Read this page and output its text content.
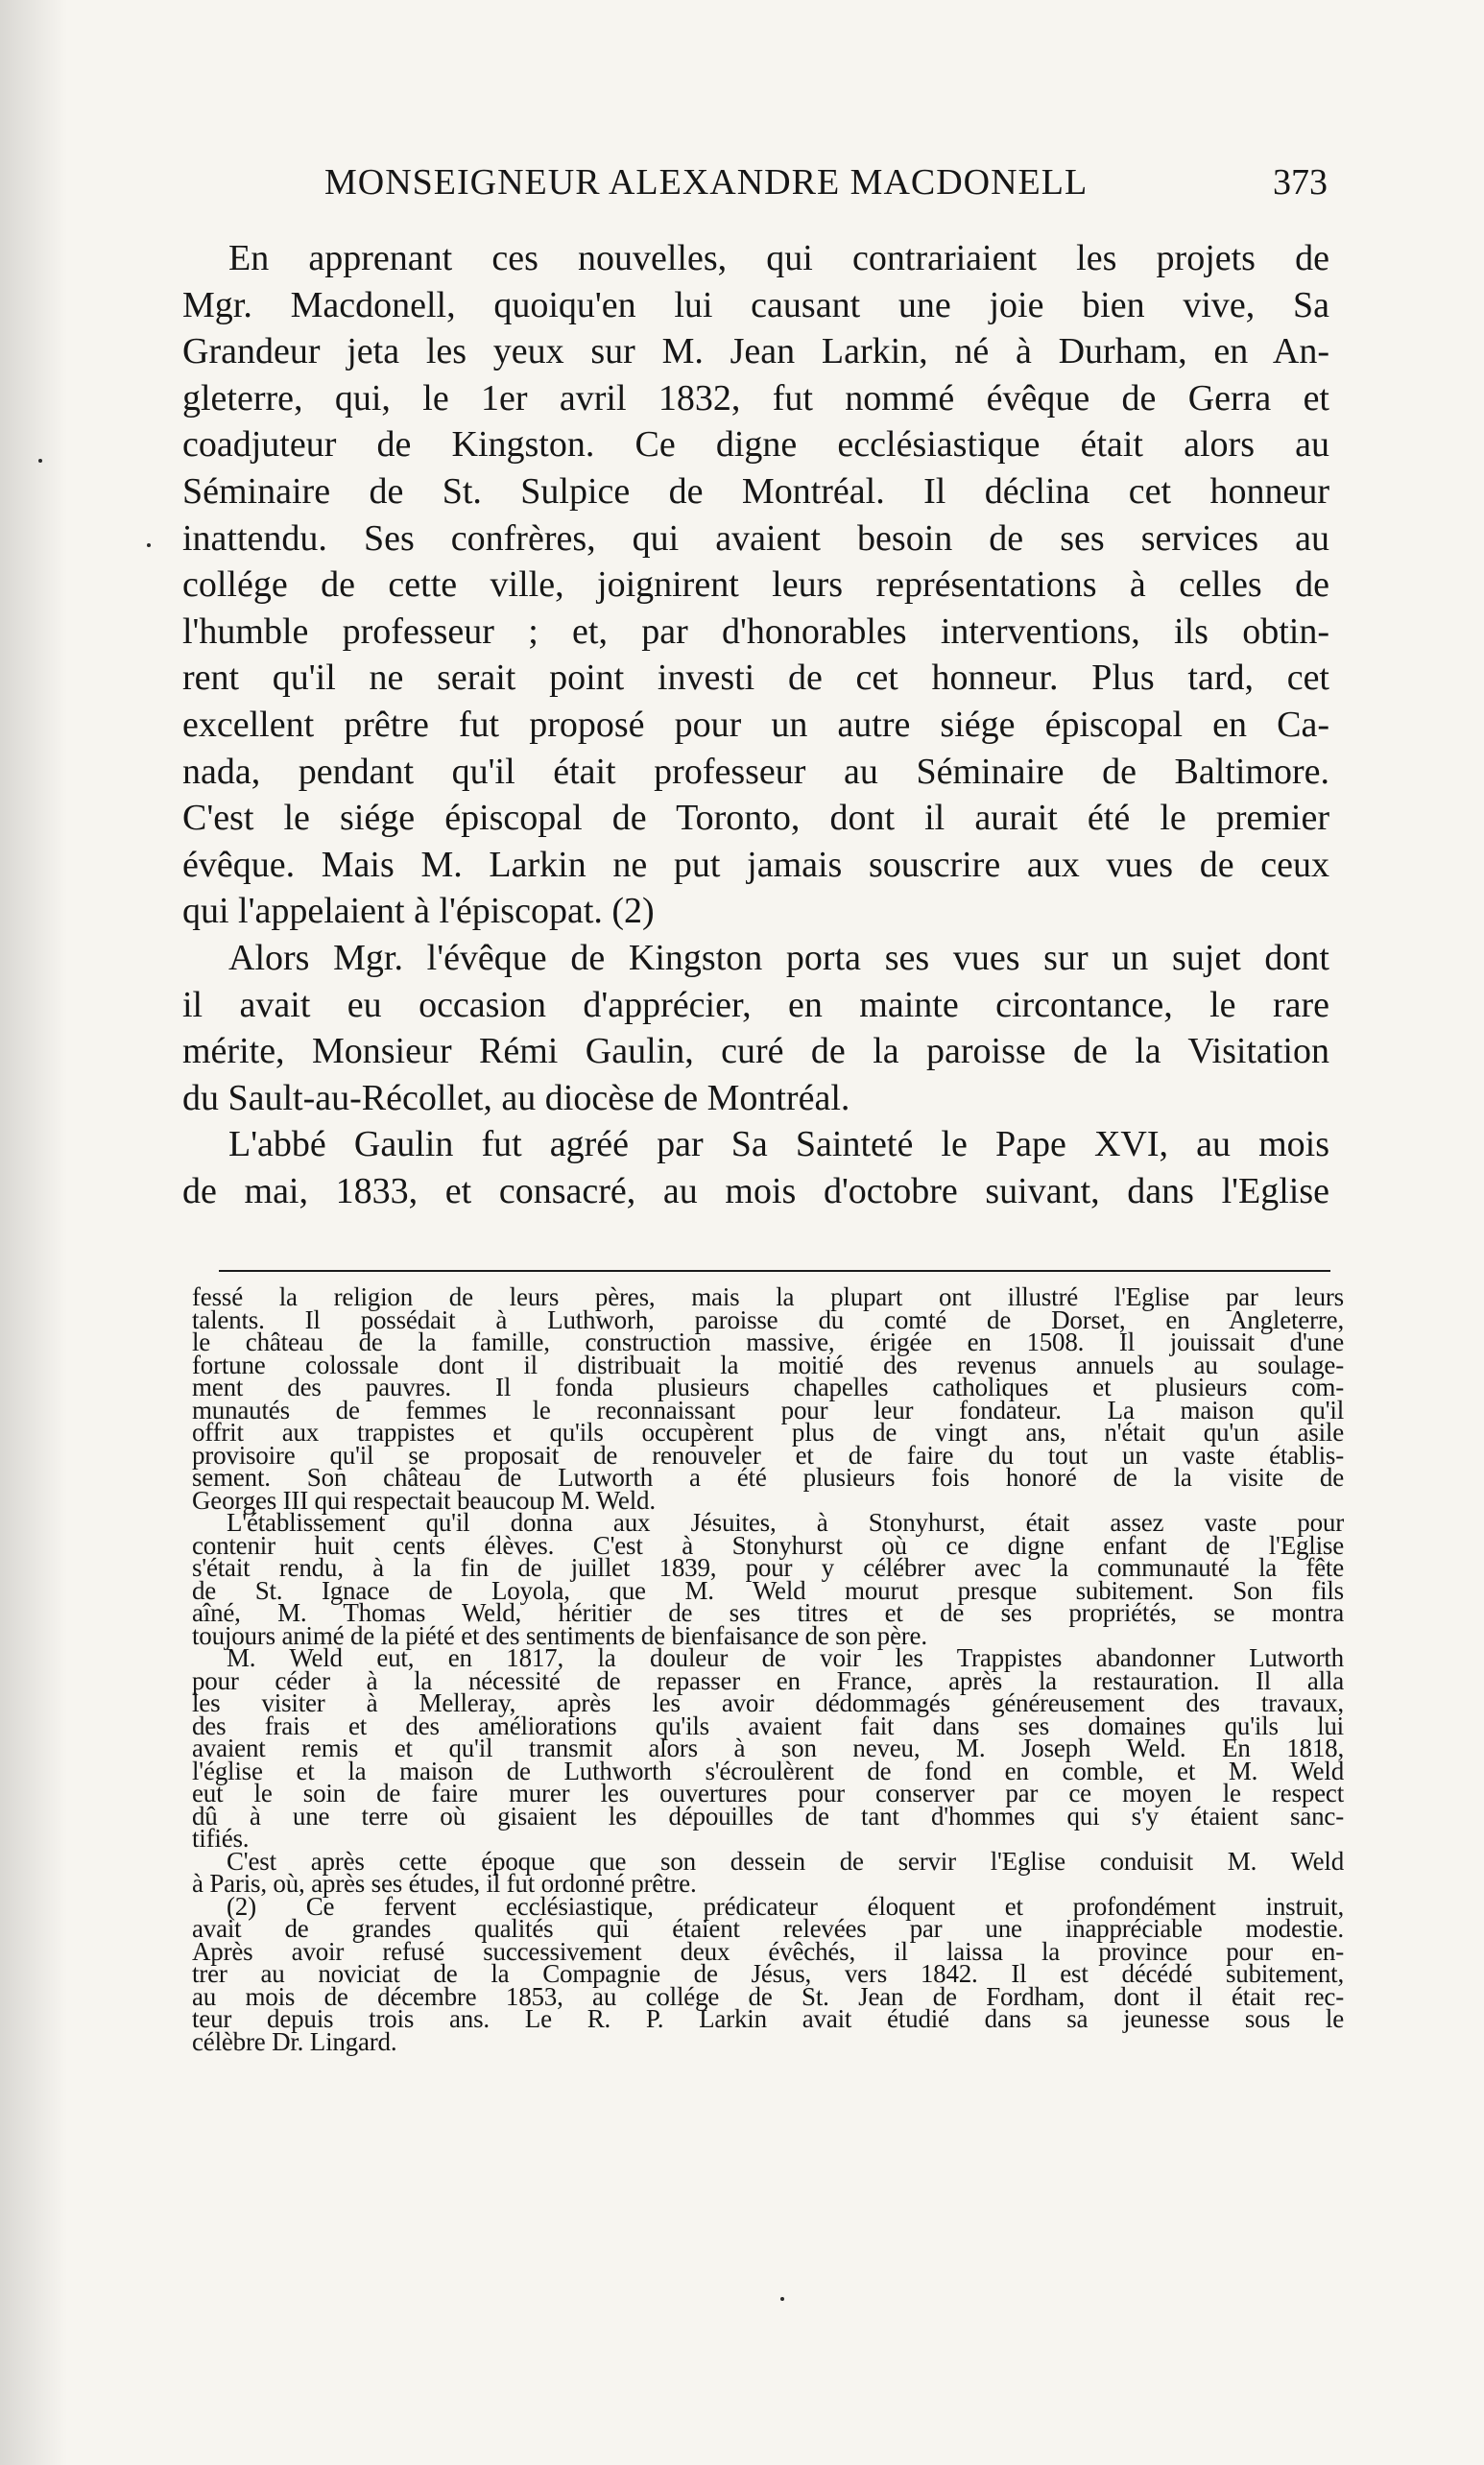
MONSEIGNEUR ALEXANDRE MACDONELL	373
En apprenant ces nouvelles, qui contrariaient les projets de
Mgr. Macdonell, quoiqu'en lui causant une joie bien vive, Sa
Grandeur jeta les yeux sur M. Jean Larkin, né à Durham, en An-
gleterre, qui, le 1er avril 1832, fut nommé évêque de Gerra et
coadjuteur de Kingston. Ce digne ecclésiastique était alors au
Séminaire de St. Sulpice de Montréal. Il déclina cet honneur
inattendu. Ses confrères, qui avaient besoin de ses services au
collége de cette ville, joignirent leurs représentations à celles de
l'humble professeur ; et, par d'honorables interventions, ils obtin-
rent qu'il ne serait point investi de cet honneur. Plus tard, cet
excellent prêtre fut proposé pour un autre siége épiscopal en Ca-
nada, pendant qu'il était professeur au Séminaire de Baltimore.
C'est le siége épiscopal de Toronto, dont il aurait été le premier
évêque. Mais M. Larkin ne put jamais souscrire aux vues de ceux
qui l'appelaient à l'épiscopat. (2)
Alors Mgr. l'évêque de Kingston porta ses vues sur un sujet dont
il avait eu occasion d'apprécier, en mainte circontance, le rare
mérite, Monsieur Rémi Gaulin, curé de la paroisse de la Visitation
du Sault-au-Récollet, au diocèse de Montréal.
L'abbé Gaulin fut agréé par Sa Sainteté le Pape XVI, au mois
de mai, 1833, et consacré, au mois d'octobre suivant, dans l'Eglise
fessé la religion de leurs pères, mais la plupart ont illustré l'Eglise par leurs
talents. Il possédait à Luthworh, paroisse du comté de Dorset, en Angleterre,
le château de la famille, construction massive, érigée en 1508. Il jouissait d'une
fortune colossale dont il distribuait la moitié des revenus annuels au soulage-
ment des pauvres. Il fonda plusieurs chapelles catholiques et plusieurs com-
munautés de femmes le reconnaissant pour leur fondateur. La maison qu'il
offrit aux trappistes et qu'ils occupèrent plus de vingt ans, n'était qu'un asile
provisoire qu'il se proposait de renouveler et de faire du tout un vaste établis-
sement. Son château de Lutworth a été plusieurs fois honoré de la visite de
Georges III qui respectait beaucoup M. Weld.
L'établissement qu'il donna aux Jésuites, à Stonyhurst, était assez vaste pour
contenir huit cents élèves. C'est à Stonyhurst où ce digne enfant de l'Eglise
s'était rendu, à la fin de juillet 1839, pour y célébrer avec la communauté la fête
de St. Ignace de Loyola, que M. Weld mourut presque subitement. Son fils
aîné, M. Thomas Weld, héritier de ses titres et de ses propriétés, se montra
toujours animé de la piété et des sentiments de bienfaisance de son père.
M. Weld eut, en 1817, la douleur de voir les Trappistes abandonner Lutworth
pour céder à la nécessité de repasser en France, après la restauration. Il alla
les visiter à Melleray, après les avoir dédommagés généreusement des travaux,
des frais et des améliorations qu'ils avaient fait dans ses domaines qu'ils lui
avaient remis et qu'il transmit alors à son neveu, M. Joseph Weld. En 1818,
l'église et la maison de Luthworth s'écroulèrent de fond en comble, et M. Weld
eut le soin de faire murer les ouvertures pour conserver par ce moyen le respect
dû à une terre où gisaient les dépouilles de tant d'hommes qui s'y étaient sanc-
tifiés.
C'est après cette époque que son dessein de servir l'Eglise conduisit M. Weld
à Paris, où, après ses études, il fut ordonné prêtre.
(2) Ce fervent ecclésiastique, prédicateur éloquent et profondément instruit,
avait de grandes qualités qui étaient relevées par une inappréciable modestie.
Après avoir refusé successivement deux évêchés, il laissa la province pour en-
trer au noviciat de la Compagnie de Jésus, vers 1842. Il est décédé subitement,
au mois de décembre 1853, au collége de St. Jean de Fordham, dont il était rec-
teur depuis trois ans. Le R. P. Larkin avait étudié dans sa jeunesse sous le
célèbre Dr. Lingard.
